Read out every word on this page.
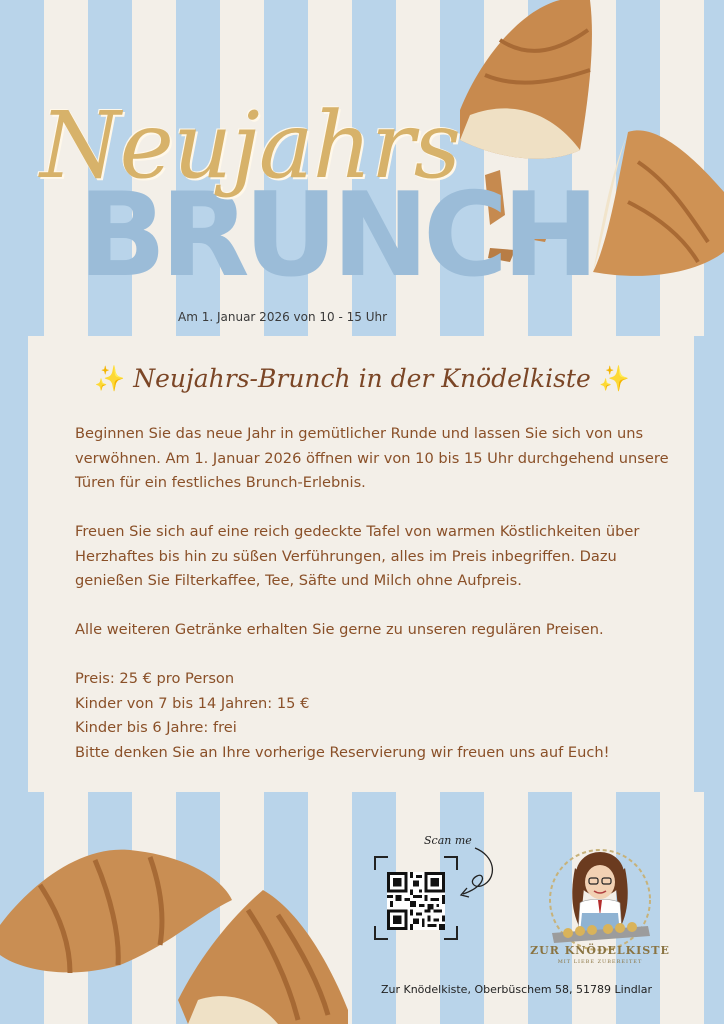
Neujahrs
BRUNCH
Am 1. Januar 2026 von 10 - 15 Uhr
✨ Neujahrs-Brunch in der Knödelkiste ✨

Beginnen Sie das neue Jahr in gemütlicher Runde und lassen Sie sich von uns verwöhnen. Am 1. Januar 2026 öffnen wir von 10 bis 15 Uhr durchgehend unsere Türen für ein festliches Brunch-Erlebnis.

Freuen Sie sich auf eine reich gedeckte Tafel von warmen Köstlichkeiten über Herzhaftes bis hin zu süßen Verführungen, alles im Preis inbegriffen. Dazu genießen Sie Filterkaffee, Tee, Säfte und Milch ohne Aufpreis.

Alle weiteren Getränke erhalten Sie gerne zu unseren regulären Preisen.

Preis: 25 € pro Person
Kinder von 7 bis 14 Jahren: 15 €
Kinder bis 6 Jahre: frei
Bitte denken Sie an Ihre vorherige Reservierung wir freuen uns auf Euch!
Scan me
ZUR KNÖDELKISTE
MIT LIEBE ZUBEREITET
Zur Knödelkiste, Oberbüschem 58, 51789 Lindlar
